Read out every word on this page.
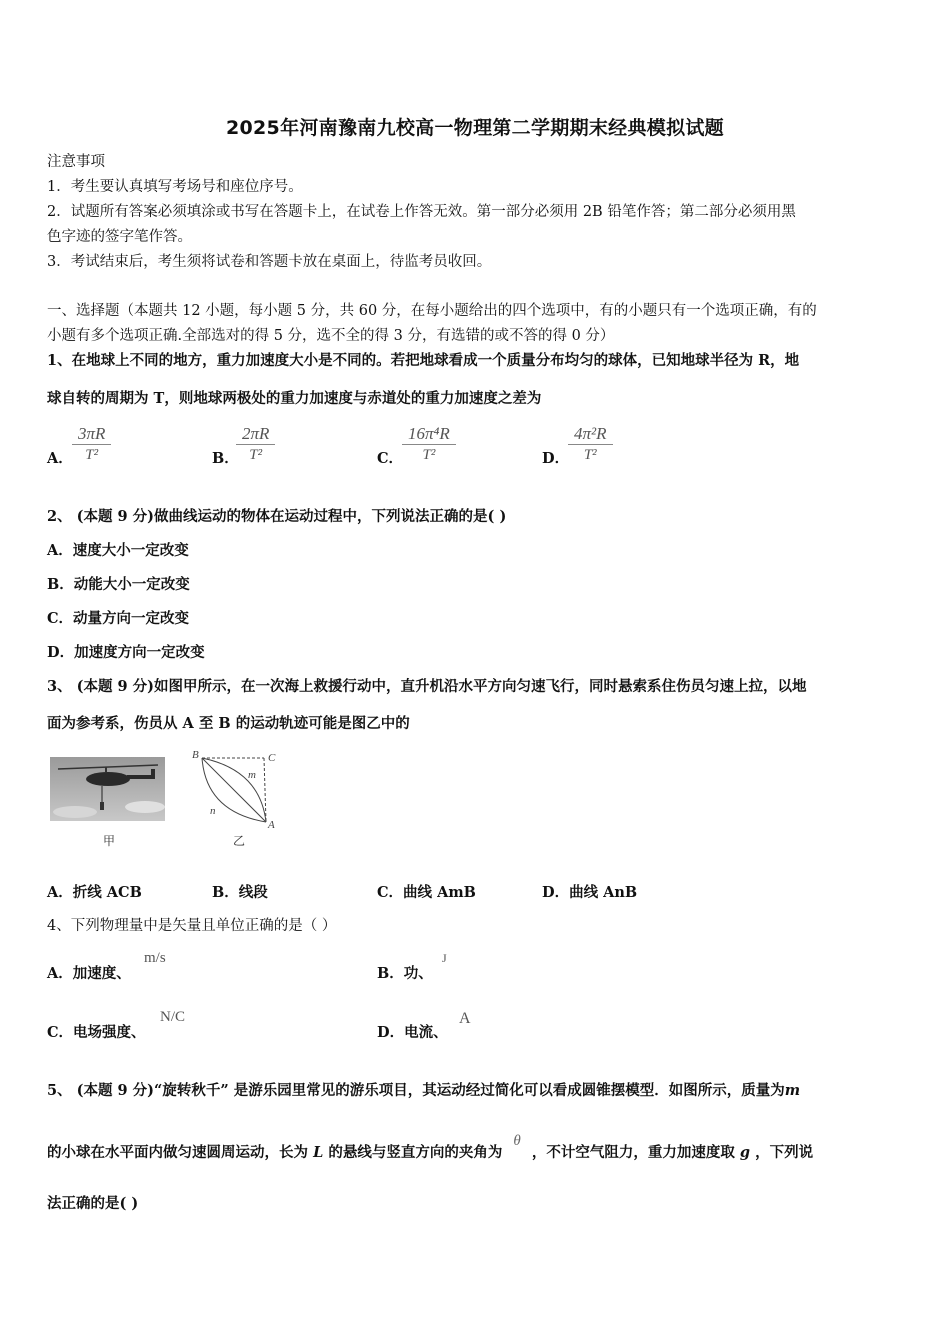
2025年河南豫南九校高一物理第二学期期末经典模拟试题
注意事项
1．考生要认真填写考场号和座位序号。
2．试题所有答案必须填涂或书写在答题卡上，在试卷上作答无效。第一部分必须用 2B 铅笔作答；第二部分必须用黑
色字迹的签字笔作答。
3．考试结束后，考生须将试卷和答题卡放在桌面上，待监考员收回。
一、选择题（本题共 12 小题，每小题 5 分，共 60 分，在每小题给出的四个选项中，有的小题只有一个选项正确，有的
小题有多个选项正确.全部选对的得 5 分，选不全的得 3 分，有选错的或不答的得 0 分）
1、在地球上不同的地方，重力加速度大小是不同的。若把地球看成一个质量分布均匀的球体，已知地球半径为 R，地
球自转的周期为 T，则地球两极处的重力加速度与赤道处的重力加速度之差为
A． $\frac{3\pi R}{\text{T²}}$	B．
$\frac{2\pi R}{\text{T²}}$	C．
$\frac{\text{16π⁴R}}{\text{T²}}$	D．
$\frac{\text{4π²R}}{\text{T²}}$
2、 (本题 9 分)做曲线运动的物体在运动过程中，下列说法正确的是( )
A．速度大小一定改变
B．动能大小一定改变
C．动量方向一定改变
D．加速度方向一定改变
3、 (本题 9 分)如图甲所示，在一次海上救援行动中，直升机沿水平方向匀速飞行，同时悬索系住伤员匀速上拉，以地
面为参考系，伤员从 A 至 B 的运动轨迹可能是图乙中的
甲
B	C
m
n
A
乙
A．折线 ACB	B．线段	C．曲线 AmB	D．曲线 AnB
4、下列物理量中是矢量且单位正确的是（ ）
A．加速度、
m/s
B．功、
J
C．电场强度、
N/C
D．电流、
A
5、 (本题 9 分)“旋转秋千” 是游乐园里常见的游乐项目，其运动经过简化可以看成圆锥摆模型．如图所示，质量为m
的小球在水平面内做匀速圆周运动，长为 L 的悬线与竖直方向的夹角为 θ ，不计空气阻力，重力加速度取 g ，下列说
法正确的是( )
